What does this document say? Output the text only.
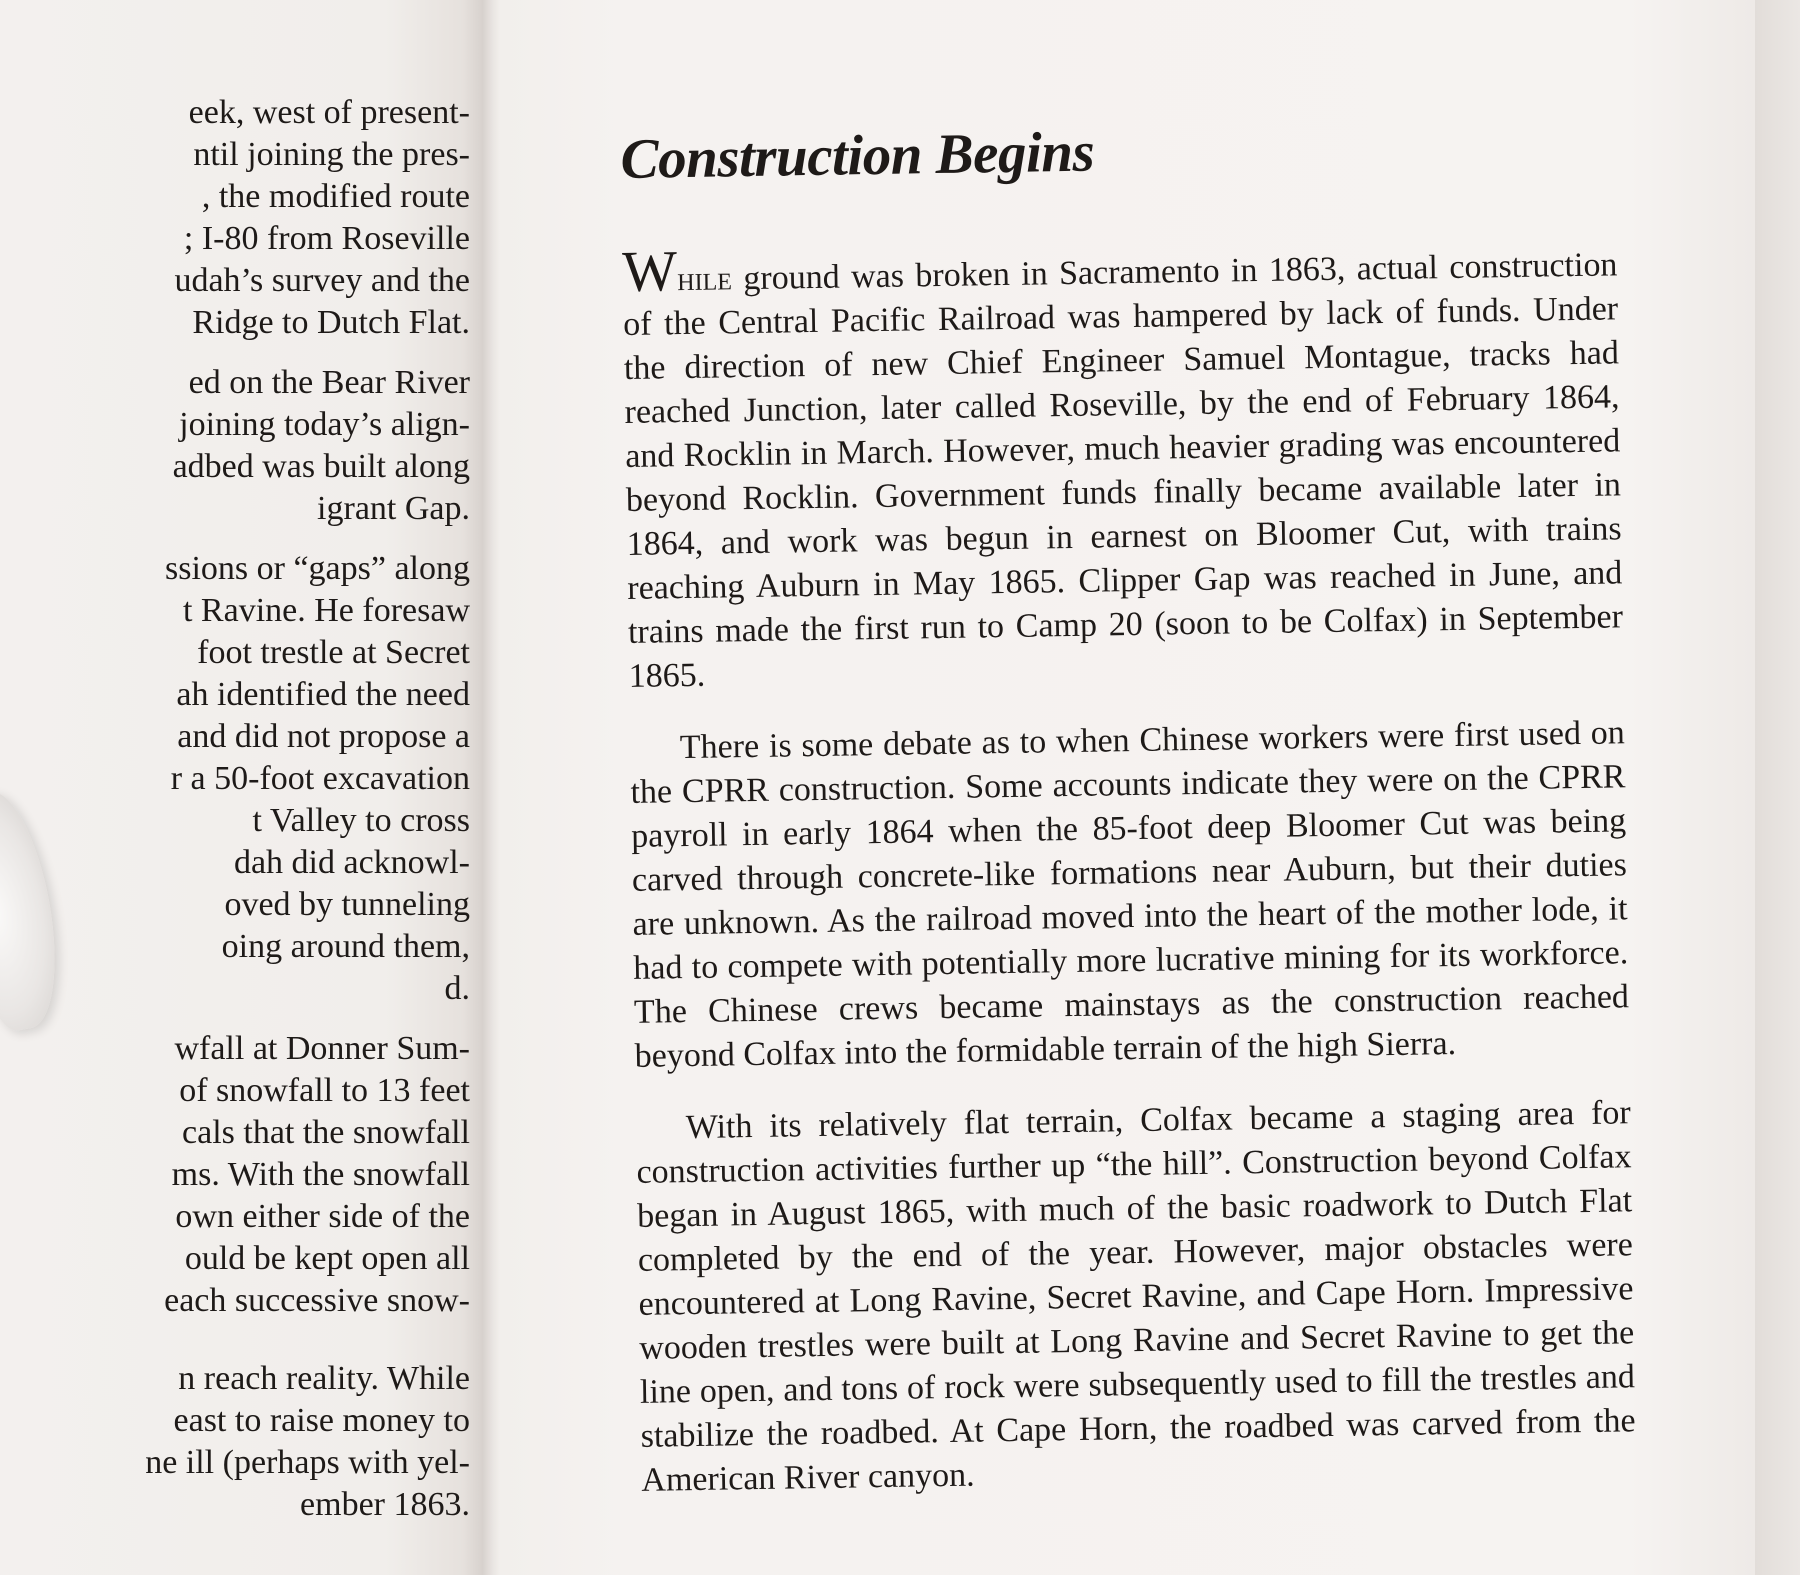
eek, west of present-
ntil joining the pres-
, the modified route
; I-80 from Roseville
udah’s survey and the
Ridge to Dutch Flat.
ed on the Bear River
joining today’s align-
adbed was built along
igrant Gap.
ssions or “gaps” along
t Ravine. He foresaw
foot trestle at Secret
ah identified the need
and did not propose a
r a 50-foot excavation
t Valley to cross
dah did acknowl-
oved by tunneling
oing around them,
d.
wfall at Donner Sum-
of snowfall to 13 feet
cals that the snowfall
ms. With the snowfall
own either side of the
ould be kept open all
each successive snow-
n reach reality. While
east to raise money to
ne ill (perhaps with yel-
ember 1863.
Construction Begins

While ground was broken in Sacramento in 1863, actual construction of the Central Pacific Railroad was hampered by lack of funds. Under the direction of new Chief Engineer Samuel Montague, tracks had reached Junction, later called Roseville, by the end of February 1864, and Rocklin in March. However, much heavier grading was encountered beyond Rocklin. Government funds finally became available later in 1864, and work was begun in earnest on Bloomer Cut, with trains reaching Auburn in May 1865. Clipper Gap was reached in June, and trains made the first run to Camp 20 (soon to be Colfax) in September 1865.

There is some debate as to when Chinese workers were first used on the CPRR construction. Some accounts indicate they were on the CPRR payroll in early 1864 when the 85-foot deep Bloomer Cut was being carved through concrete-like formations near Auburn, but their duties are unknown. As the railroad moved into the heart of the mother lode, it had to compete with potentially more lucrative mining for its workforce. The Chinese crews became mainstays as the construction reached beyond Colfax into the formidable terrain of the high Sierra.

With its relatively flat terrain, Colfax became a staging area for construction activities further up “the hill”. Construction beyond Colfax began in August 1865, with much of the basic roadwork to Dutch Flat completed by the end of the year. However, major obstacles were encountered at Long Ravine, Secret Ravine, and Cape Horn. Impressive wooden trestles were built at Long Ravine and Secret Ravine to get the line open, and tons of rock were subsequently used to fill the trestles and stabilize the roadbed. At Cape Horn, the roadbed was carved from the American River canyon.
